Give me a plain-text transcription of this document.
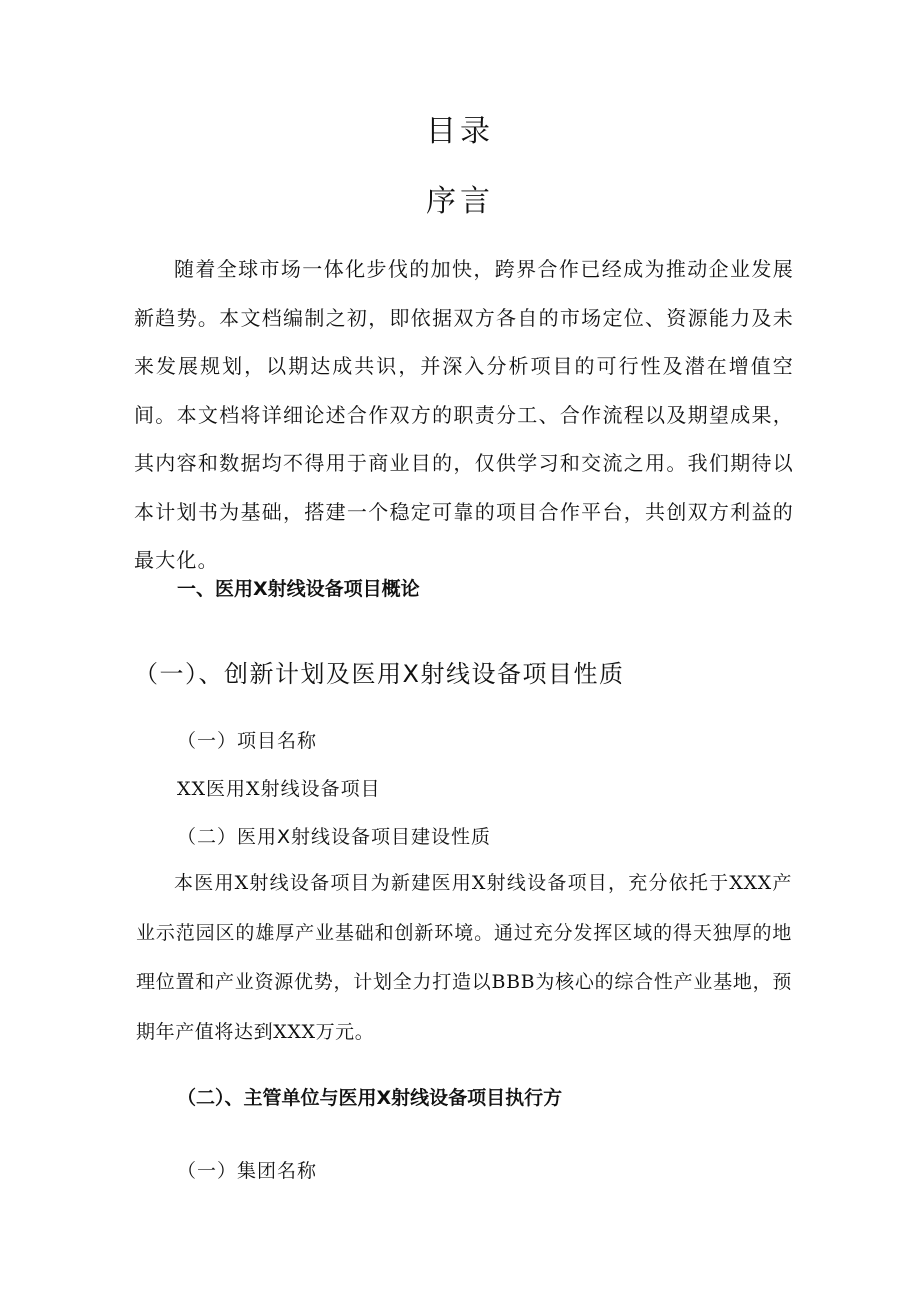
目录
序言
随着全球市场一体化步伐的加快，跨界合作已经成为推动企业发展新趋势。本文档编制之初，即依据双方各自的市场定位、资源能力及未来发展规划，以期达成共识，并深入分析项目的可行性及潜在增值空间。本文档将详细论述合作双方的职责分工、合作流程以及期望成果，其内容和数据均不得用于商业目的，仅供学习和交流之用。我们期待以本计划书为基础，搭建一个稳定可靠的项目合作平台，共创双方利益的最大化。
一、医用X射线设备项目概论
（一）、创新计划及医用X射线设备项目性质
（一）项目名称
XX医用X射线设备项目
（二）医用X射线设备项目建设性质
本医用X射线设备项目为新建医用X射线设备项目，充分依托于XXX产业示范园区的雄厚产业基础和创新环境。通过充分发挥区域的得天独厚的地理位置和产业资源优势，计划全力打造以BBB为核心的综合性产业基地，预期年产值将达到XXX万元。
（二）、主管单位与医用X射线设备项目执行方
（一）集团名称
